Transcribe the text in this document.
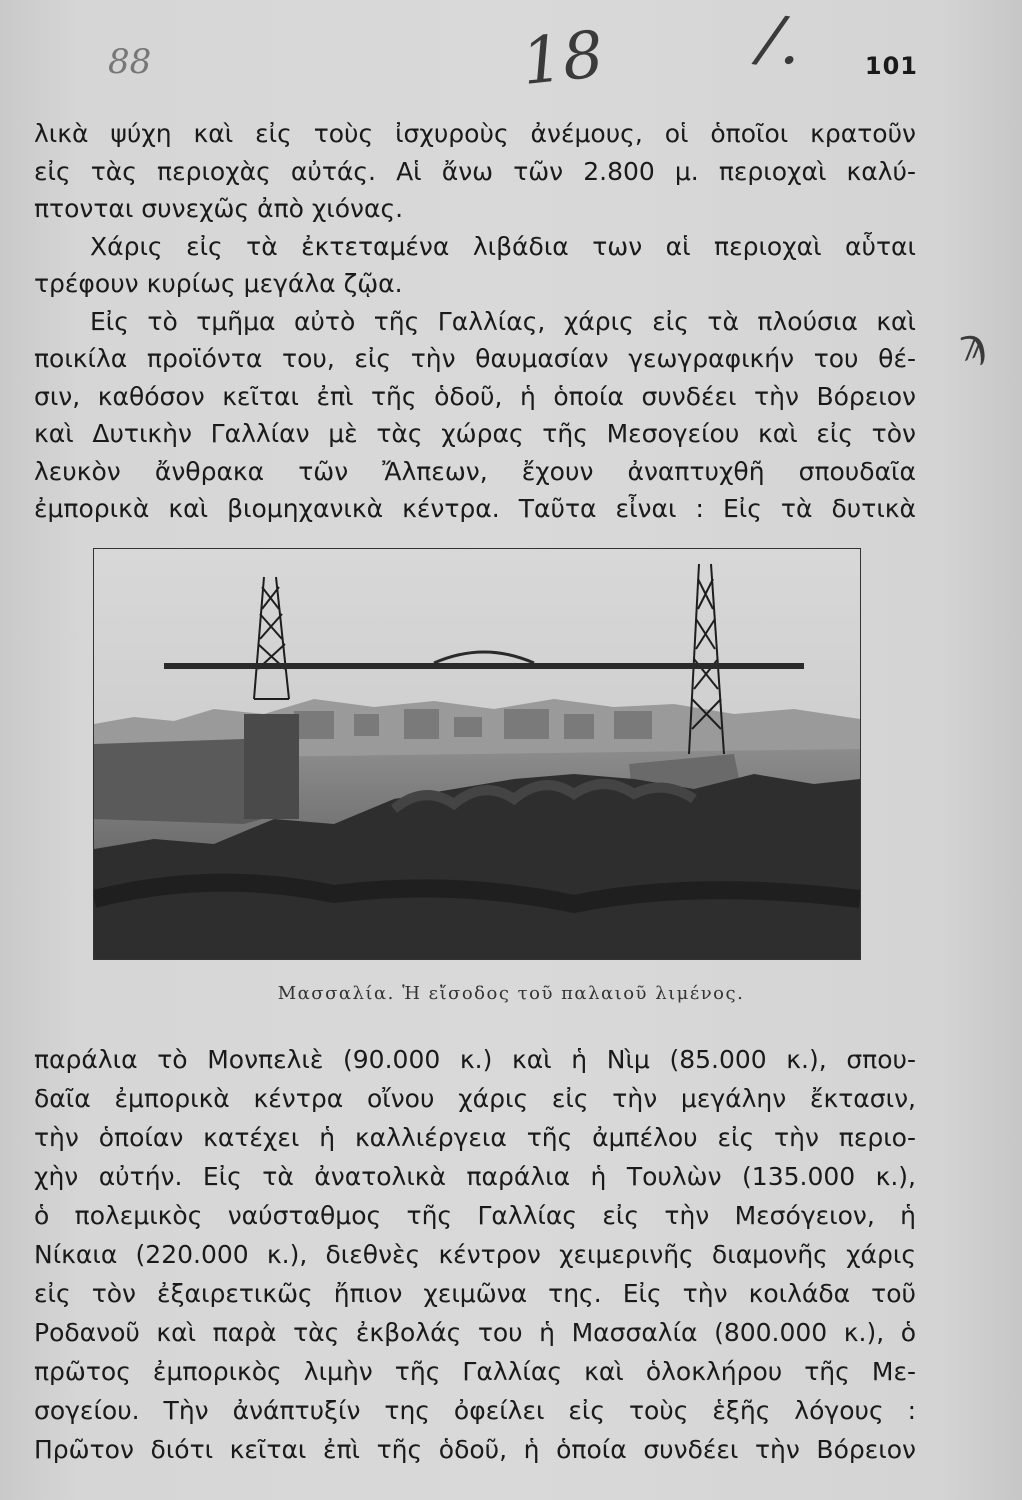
88	18 /.
ϡ
101
λικὰ ψύχη καὶ εἰς τοὺς ἰσχυροὺς ἀνέμους, οἱ ὁποῖοι κρατοῦν
εἰς τὰς περιοχὰς αὐτάς. Αἱ ἄνω τῶν 2.800 μ. περιοχαὶ καλύ-
πτονται συνεχῶς ἀπὸ χιόνας.
Χάρις εἰς τὰ ἐκτεταμένα λιβάδια των αἱ περιοχαὶ αὗται
τρέφουν κυρίως μεγάλα ζῷα.
Εἰς τὸ τμῆμα αὐτὸ τῆς Γαλλίας, χάρις εἰς τὰ πλούσια καὶ
ποικίλα προϊόντα του, εἰς τὴν θαυμασίαν γεωγραφικήν του θέ-
σιν, καθόσον κεῖται ἐπὶ τῆς ὁδοῦ, ἡ ὁποία συνδέει τὴν Βόρειον
καὶ Δυτικὴν Γαλλίαν μὲ τὰς χώρας τῆς Μεσογείου καὶ εἰς τὸν
λευκὸν ἄνθρακα τῶν Ἄλπεων, ἔχουν ἀναπτυχθῆ σπουδαῖα
ἐμπορικὰ καὶ βιομηχανικὰ κέντρα. Ταῦτα εἶναι : Εἰς τὰ δυτικὰ
Μασσαλία. Ἡ εἴσοδος τοῦ παλαιοῦ λιμένος.
παράλια τὸ Μονπελιὲ (90.000 κ.) καὶ ἡ Νὶμ (85.000 κ.), σπου-
δαῖα ἐμπορικὰ κέντρα οἴνου χάρις εἰς τὴν μεγάλην ἔκτασιν,
τὴν ὁποίαν κατέχει ἡ καλλιέργεια τῆς ἀμπέλου εἰς τὴν περιο-
χὴν αὐτήν. Εἰς τὰ ἀνατολικὰ παράλια ἡ Τουλὼν (135.000 κ.),
ὁ πολεμικὸς ναύσταθμος τῆς Γαλλίας εἰς τὴν Μεσόγειον, ἡ
Νίκαια (220.000 κ.), διεθνὲς κέντρον χειμερινῆς διαμονῆς χάρις
εἰς τὸν ἐξαιρετικῶς ἤπιον χειμῶνα της. Εἰς τὴν κοιλάδα τοῦ
Ροδανοῦ καὶ παρὰ τὰς ἐκβολάς του ἡ Μασσαλία (800.000 κ.), ὁ
πρῶτος ἐμπορικὸς λιμὴν τῆς Γαλλίας καὶ ὁλοκλήρου τῆς Με-
σογείου. Τὴν ἀνάπτυξίν της ὀφείλει εἰς τοὺς ἑξῆς λόγους :
Πρῶτον διότι κεῖται ἐπὶ τῆς ὁδοῦ, ἡ ὁποία συνδέει τὴν Βόρειον
